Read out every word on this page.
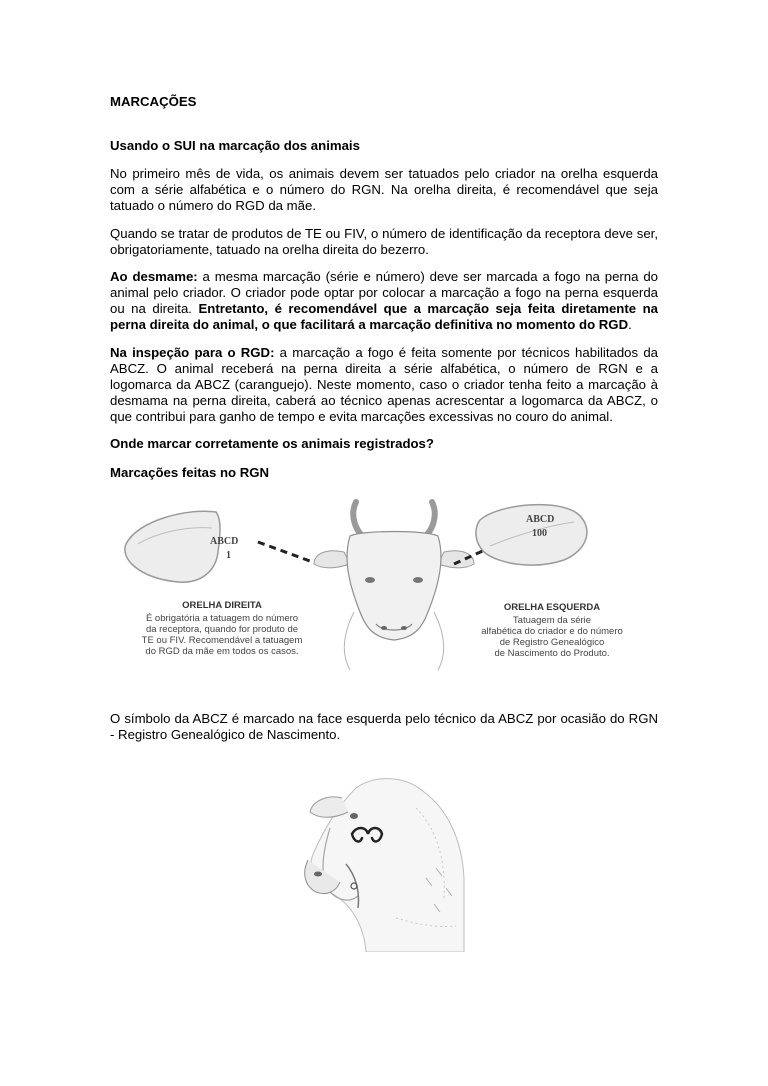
MARCAÇÕES
Usando o SUI na marcação dos animais
No primeiro mês de vida, os animais devem ser tatuados pelo criador na orelha esquerda com a série alfabética e o número do RGN. Na orelha direita, é recomendável que seja tatuado o número do RGD da mãe.
Quando se tratar de produtos de TE ou FIV, o número de identificação da receptora deve ser, obrigatoriamente, tatuado na orelha direita do bezerro.
Ao desmame: a mesma marcação (série e número) deve ser marcada a fogo na perna do animal pelo criador. O criador pode optar por colocar a marcação a fogo na perna esquerda ou na direita. Entretanto, é recomendável que a marcação seja feita diretamente na perna direita do animal, o que facilitará a marcação definitiva no momento do RGD.
Na inspeção para o RGD: a marcação a fogo é feita somente por técnicos habilitados da ABCZ. O animal receberá na perna direita a série alfabética, o número de RGN e a logomarca da ABCZ (caranguejo). Neste momento, caso o criador tenha feito a marcação à desmama na perna direita, caberá ao técnico apenas acrescentar a logomarca da ABCZ, o que contribui para ganho de tempo e evita marcações excessivas no couro do animal.
Onde marcar corretamente os animais registrados?
Marcações feitas no RGN
ABCD
1
ABCD
100
ORELHA DIREITA
É obrigatória a tatuagem do número
da receptora, quando for produto de
TE ou FIV. Recomendável a tatuagem
do RGD da mãe em todos os casos.
ORELHA ESQUERDA
Tatuagem da série
alfabética do criador e do número
de Registro Genealógico
de Nascimento do Produto.
O símbolo da ABCZ é marcado na face esquerda pelo técnico da ABCZ por ocasião do RGN - Registro Genealógico de Nascimento.
